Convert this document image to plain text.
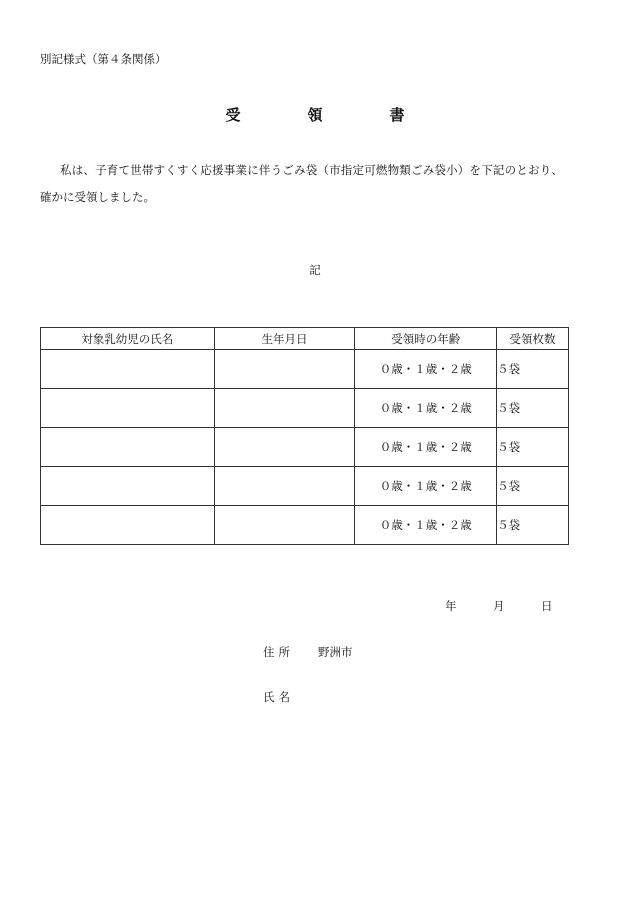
別記様式（第４条関係）
受　領　書
私は、子育て世帯すくすく応援事業に伴うごみ袋（市指定可燃物類ごみ袋小）を下記のとおり、
確かに受領しました。
記
対象乳幼児の氏名	生年月日	受領時の年齢	受領枚数
		０歳・１歳・２歳	５袋
		０歳・１歳・２歳	５袋
		０歳・１歳・２歳	５袋
		０歳・１歳・２歳	５袋
		０歳・１歳・２歳	５袋
年	月	日
住所 野洲市
氏名
